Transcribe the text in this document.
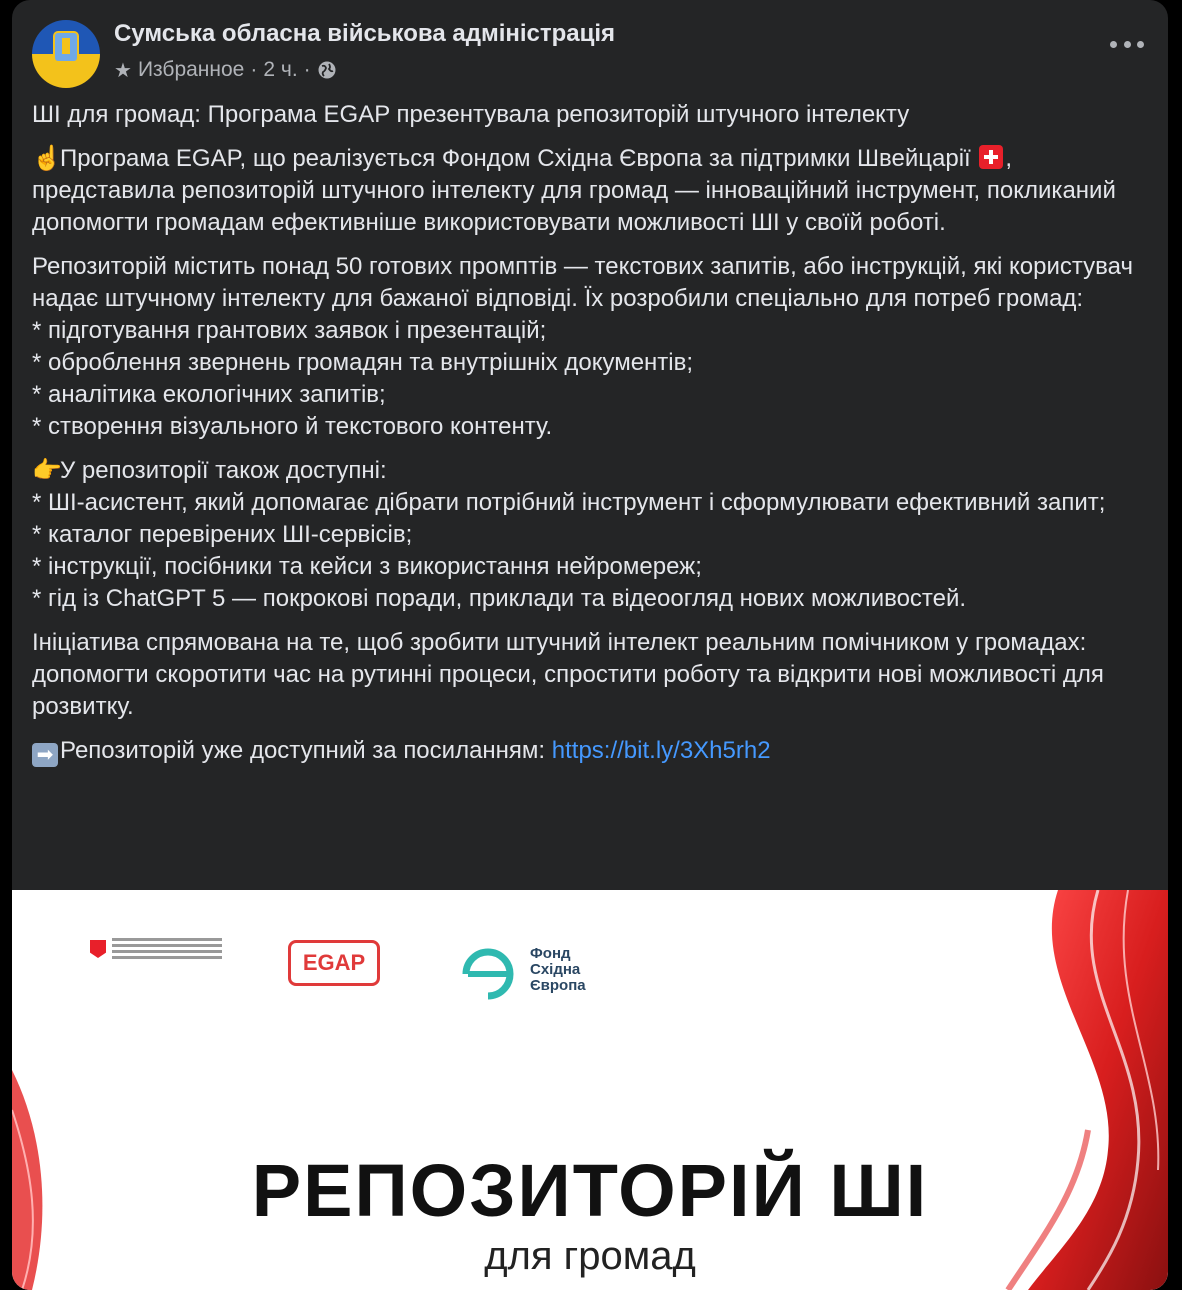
Сумська обласна військова адміністрація
★ Избранное · 2 ч. ·

ШІ для громад: Програма EGAP презентувала репозиторій штучного інтелекту

☝Програма EGAP, що реалізується Фондом Східна Європа за підтримки Швейцарії , представила репозиторій штучного інтелекту для громад — інноваційний інструмент, покликаний допомогти громадам ефективніше використовувати можливості ШІ у своїй роботі.

Репозиторій містить понад 50 готових промптів — текстових запитів, або інструкцій, які користувач надає штучному інтелекту для бажаної відповіді. Їх розробили спеціально для потреб громад:
* підготування грантових заявок і презентацій;
* оброблення звернень громадян та внутрішніх документів;
* аналітика екологічних запитів;
* створення візуального й текстового контенту.

👉У репозиторії також доступні:
* ШІ-асистент, який допомагає дібрати потрібний інструмент і сформулювати ефективний запит;
* каталог перевірених ШІ-сервісів;
* інструкції, посібники та кейси з використання нейромереж;
* гід із ChatGPT 5 — покрокові поради, приклади та відеоогляд нових можливостей.

Ініціатива спрямована на те, щоб зробити штучний інтелект реальним помічником у громадах: допомогти скоротити час на рутинні процеси, спростити роботу та відкрити нові можливості для розвитку.

➡ Репозиторій уже доступний за посиланням: https://bit.ly/3Xh5rh2

EGAP	Фонд
Східна
Європа
РЕПОЗИТОРІЙ ШІ
для громад
